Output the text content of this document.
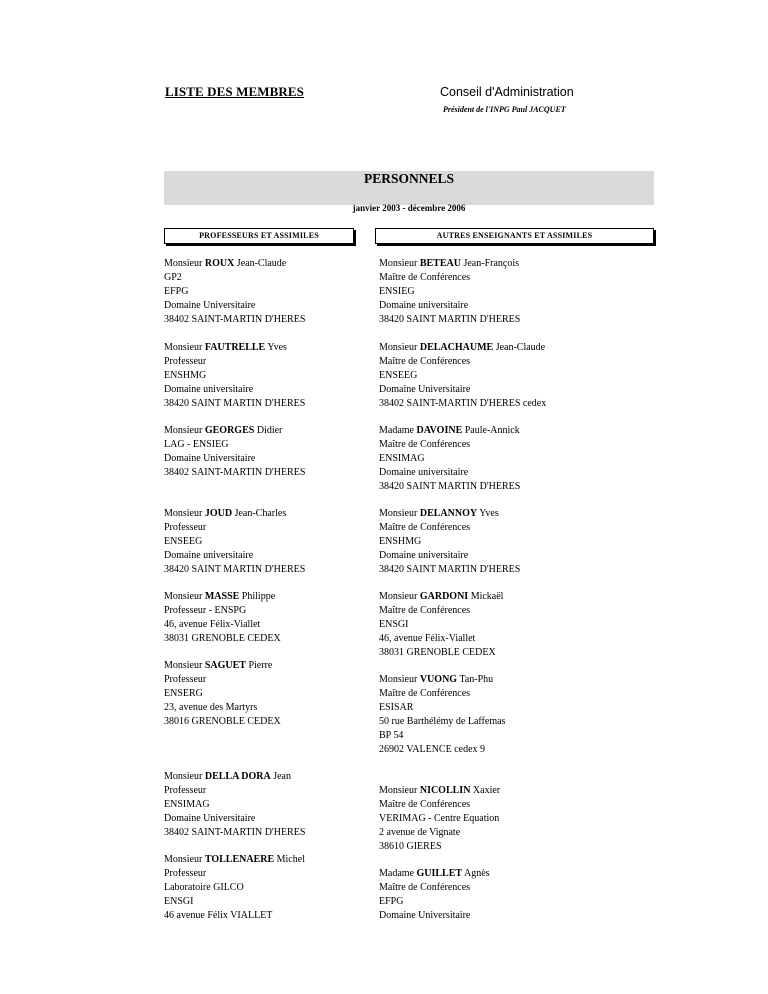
LISTE DES MEMBRES	Conseil d'Administration
Président de l'INPG Paul JACQUET
PERSONNELS
janvier 2003 - décembre 2006
PROFESSEURS ET ASSIMILES	AUTRES ENSEIGNANTS ET ASSIMILES
Monsieur ROUX Jean-Claude
GP2
EFPG
Domaine Universitaire
38402 SAINT-MARTIN D'HERES
Monsieur FAUTRELLE Yves
Professeur
ENSHMG
Domaine universitaire
38420 SAINT MARTIN D'HERES
Monsieur GEORGES Didier
LAG - ENSIEG
Domaine Universitaire
38402 SAINT-MARTIN D'HERES
Monsieur JOUD Jean-Charles
Professeur
ENSEEG
Domaine universitaire
38420 SAINT MARTIN D'HERES
Monsieur MASSE Philippe
Professeur - ENSPG
46, avenue Félix-Viallet
38031 GRENOBLE CEDEX
Monsieur SAGUET Pierre
Professeur
ENSERG
23, avenue des Martyrs
38016 GRENOBLE CEDEX
Monsieur DELLA DORA Jean
Professeur
ENSIMAG
Domaine Universitaire
38402 SAINT-MARTIN D'HERES
Monsieur TOLLENAERE Michel
Professeur
Laboratoire GILCO
ENSGI
46 avenue Félix VIALLET
Monsieur BETEAU Jean-François
Maître de Conférences
ENSIEG
Domaine universitaire
38420 SAINT MARTIN D'HERES
Monsieur DELACHAUME Jean-Claude
Maître de Conférences
ENSEEG
Domaine Universitaire
38402 SAINT-MARTIN D'HERES cedex
Madame DAVOINE Paule-Annick
Maître de Conférences
ENSIMAG
Domaine universitaire
38420 SAINT MARTIN D'HERES
Monsieur DELANNOY Yves
Maître de Conférences
ENSHMG
Domaine universitaire
38420 SAINT MARTIN D'HERES
Monsieur GARDONI Mickaël
Maître de Conférences
ENSGI
46, avenue Félix-Viallet
38031 GRENOBLE CEDEX
Monsieur VUONG Tan-Phu
Maître de Conférences
ESISAR
50 rue Barthélémy de Laffemas
BP 54
26902 VALENCE cedex 9
Monsieur NICOLLIN Xaxier
Maître de Conférences
VERIMAG - Centre Equation
2 avenue de Vignate
38610 GIERES
Madame GUILLET Agnès
Maître de Conférences
EFPG
Domaine Universitaire
